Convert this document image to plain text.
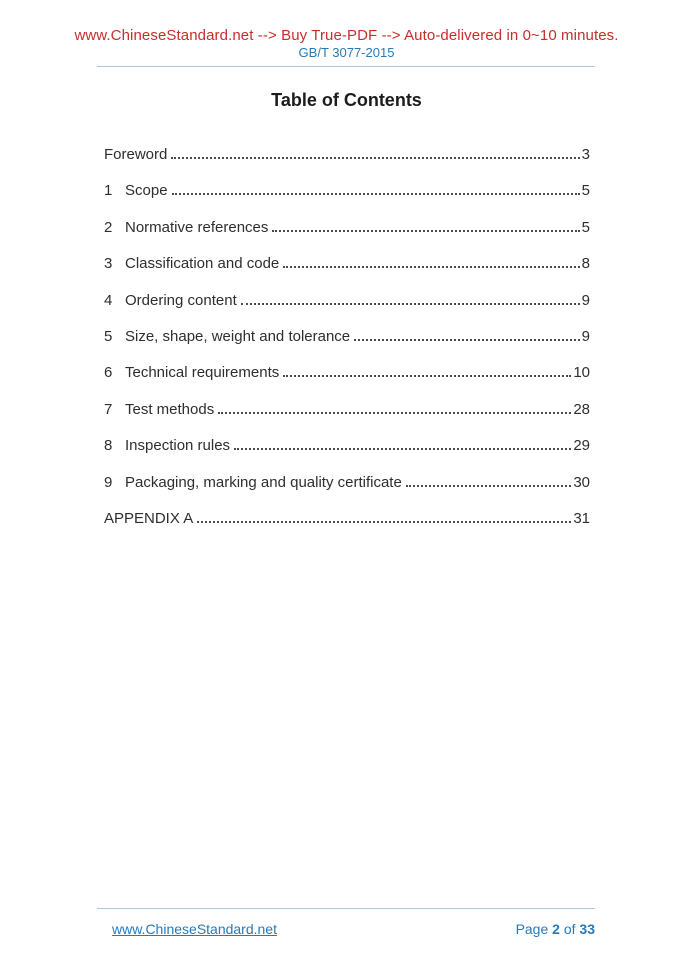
www.ChineseStandard.net --> Buy True-PDF --> Auto-delivered in 0~10 minutes.
GB/T 3077-2015
Table of Contents
Foreword	3
1 Scope	5
2 Normative references	5
3 Classification and code	8
4 Ordering content	9
5 Size, shape, weight and tolerance	9
6 Technical requirements	10
7 Test methods	28
8 Inspection rules	29
9 Packaging, marking and quality certificate	30
APPENDIX A	31
www.ChineseStandard.net	Page 2 of 33
